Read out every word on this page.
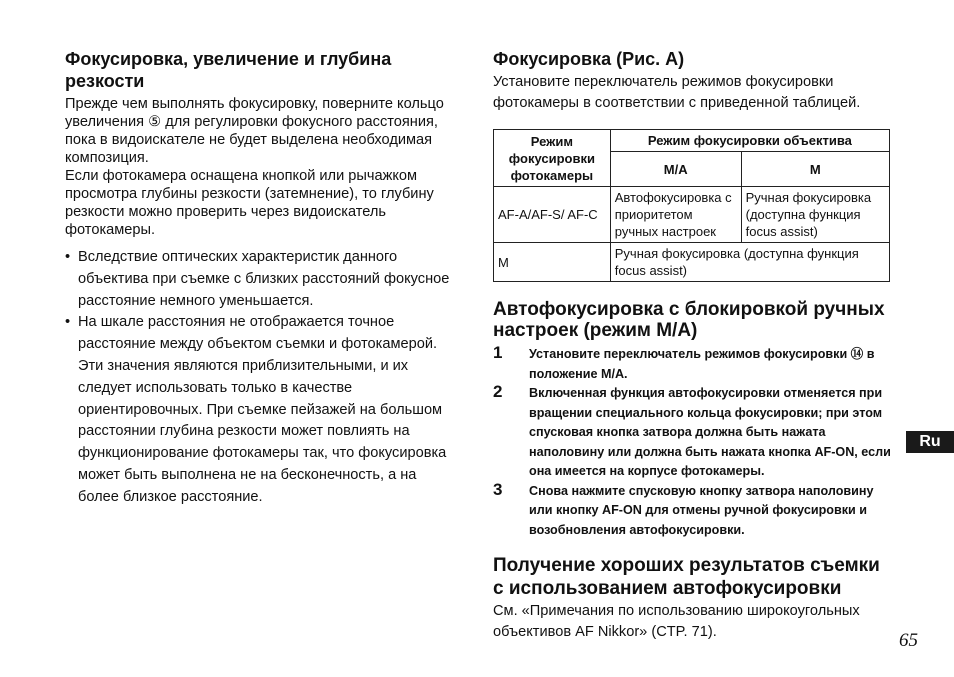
Фокусировка, увеличение и глубина резкости

Прежде чем выполнять фокусировку, поверните кольцо увеличения ⑤ для регулировки фокусного расстояния, пока в видоискателе не будет выделена необходимая композиция.

Если фотокамера оснащена кнопкой или рычажком просмотра глубины резкости (затемнение), то глубину резкости можно проверить через видоискатель фотокамеры.

• Вследствие оптических характеристик данного объектива при съемке с близких расстояний фокусное расстояние немного уменьшается.
• На шкале расстояния не отображается точное расстояние между объектом съемки и фотокамерой. Эти значения являются приблизительными, и их следует использовать только в качестве ориентировочных. При съемке пейзажей на большом расстоянии глубина резкости может повлиять на функционирование фотокамеры так, что фокусировка может быть выполнена не на бесконечность, а на более близкое расстояние.
Фокусировка (Рис. A)

Установите переключатель режимов фокусировки фотокамеры в соответствии с приведенной таблицей.

Режим фокусировки фотокамеры	Режим фокусировки объектива	
	M/A	M
AF-A/AF-S/ AF-C	Автофокусировка с приоритетом ручных настроек	Ручная фокусировка (доступна функция focus assist)
M	Ручная фокусировка (доступна функция focus assist)	
Автофокусировка с блокировкой ручных настроек (режим M/A)
1 Установите переключатель режимов фокусировки ⑭ в положение M/A.
2 Включенная функция автофокусировки отменяется при вращении специального кольца фокусировки; при этом спусковая кнопка затвора должна быть нажата наполовину или должна быть нажата кнопка AF-ON, если она имеется на корпусе фотокамеры.
3 Снова нажмите спусковую кнопку затвора наполовину или кнопку AF-ON для отмены ручной фокусировки и возобновления автофокусировки.
Получение хороших результатов съемки с использованием автофокусировки

См. «Примечания по использованию широкоугольных объективов AF Nikkor» (CTP. 71).

Ru
65
